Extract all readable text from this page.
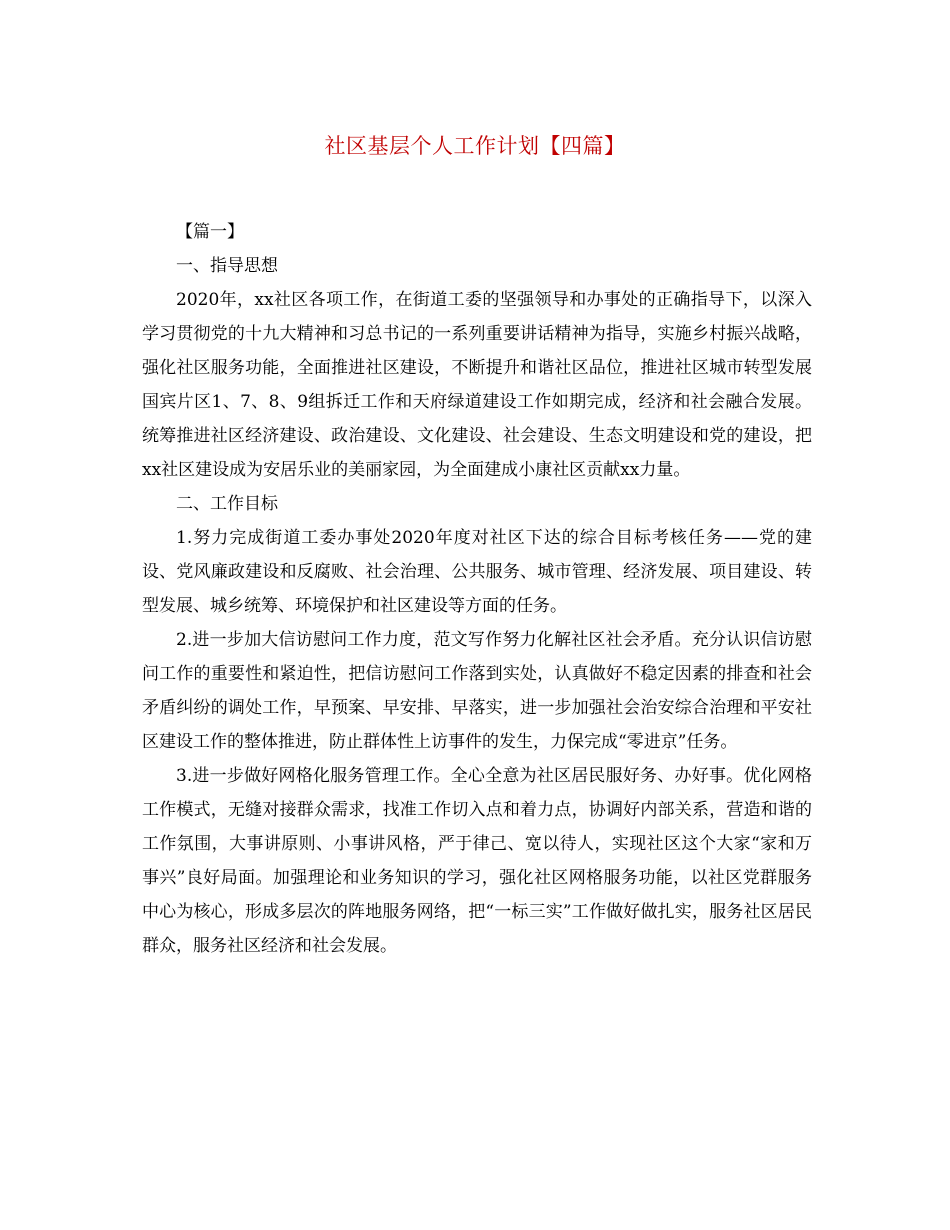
社区基层个人工作计划【四篇】

【篇一】

一、指导思想

2020年，xx社区各项工作，在街道工委的坚强领导和办事处的正确指导下，以深入学习贯彻党的十九大精神和习总书记的一系列重要讲话精神为指导，实施乡村振兴战略，强化社区服务功能，全面推进社区建设，不断提升和谐社区品位，推进社区城市转型发展国宾片区1、7、8、9组拆迁工作和天府绿道建设工作如期完成，经济和社会融合发展。统筹推进社区经济建设、政治建设、文化建设、社会建设、生态文明建设和党的建设，把xx社区建设成为安居乐业的美丽家园，为全面建成小康社区贡献xx力量。

二、工作目标

1.努力完成街道工委办事处2020年度对社区下达的综合目标考核任务——党的建设、党风廉政建设和反腐败、社会治理、公共服务、城市管理、经济发展、项目建设、转型发展、城乡统筹、环境保护和社区建设等方面的任务。

2.进一步加大信访慰问工作力度，范文写作努力化解社区社会矛盾。充分认识信访慰问工作的重要性和紧迫性，把信访慰问工作落到实处，认真做好不稳定因素的排查和社会矛盾纠纷的调处工作，早预案、早安排、早落实，进一步加强社会治安综合治理和平安社区建设工作的整体推进，防止群体性上访事件的发生，力保完成“零进京”任务。

3.进一步做好网格化服务管理工作。全心全意为社区居民服好务、办好事。优化网格工作模式，无缝对接群众需求，找准工作切入点和着力点，协调好内部关系，营造和谐的工作氛围，大事讲原则、小事讲风格，严于律己、宽以待人，实现社区这个大家“家和万事兴”良好局面。加强理论和业务知识的学习，强化社区网格服务功能，以社区党群服务中心为核心，形成多层次的阵地服务网络，把“一标三实”工作做好做扎实，服务社区居民群众，服务社区经济和社会发展。
